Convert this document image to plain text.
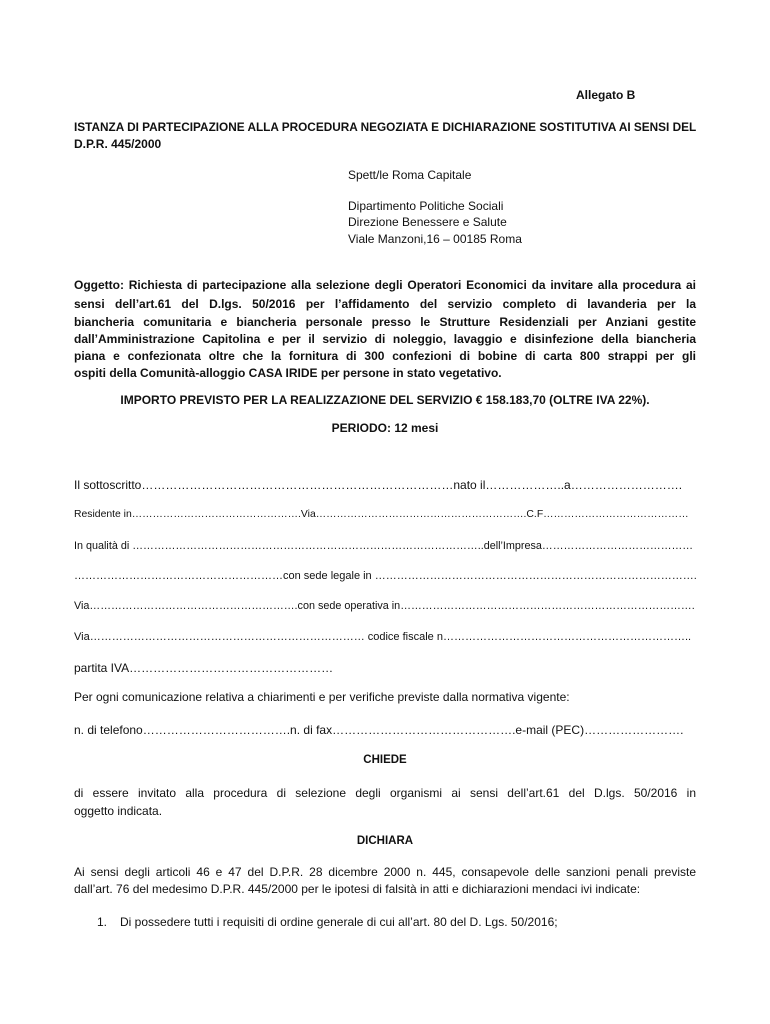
Allegato B
ISTANZA DI PARTECIPAZIONE ALLA PROCEDURA NEGOZIATA E DICHIARAZIONE SOSTITUTIVA AI SENSI DEL
D.P.R. 445/2000
Spett/le Roma Capitale
Dipartimento Politiche Sociali
Direzione Benessere e Salute
Viale Manzoni,16 – 00185 Roma
Oggetto: Richiesta di partecipazione alla selezione degli Operatori Economici da invitare alla procedura ai
sensi dell’art.61 del D.lgs. 50/2016 per l’affidamento del servizio completo di lavanderia per la
biancheria comunitaria e biancheria personale presso le Strutture Residenziali per Anziani gestite
dall’Amministrazione Capitolina e per il servizio di noleggio, lavaggio e disinfezione della biancheria
piana e confezionata oltre che la fornitura di 300 confezioni di bobine di carta 800 strappi per gli
ospiti della Comunità-alloggio CASA IRIDE per persone in stato vegetativo.
IMPORTO PREVISTO PER LA REALIZZAZIONE DEL SERVIZIO € 158.183,70 (OLTRE IVA 22%).
PERIODO: 12 mesi
Il sottoscritto……………………………………………………………………nato il………………..a……………………….
Residente in………………………………………….Via…………………………………………………….C.F……………………………………
In qualità di ……………………………………………………………………………………..dell’Impresa……………………………………
…………………………………………………con sede legale in …………………………………………………………………………….
Via………………………………………………….con sede operativa in……………………………………………………………………….
Via………………………………………………………………… codice fiscale n…………………………………………………………..
partita IVA……………………………………………
Per ogni comunicazione relativa a chiarimenti e per verifiche previste dalla normativa vigente:
n. di telefono……………………………….n. di fax……………………………………….e-mail (PEC)…………………….
CHIEDE
di essere invitato alla procedura di selezione degli organismi ai sensi dell’art.61 del D.lgs. 50/2016 in
oggetto indicata.
DICHIARA
Ai sensi degli articoli 46 e 47 del D.P.R. 28 dicembre 2000 n. 445, consapevole delle sanzioni penali previste
dall’art. 76 del medesimo D.P.R. 445/2000 per le ipotesi di falsità in atti e dichiarazioni mendaci ivi indicate:
1. Di possedere tutti i requisiti di ordine generale di cui all’art. 80 del D. Lgs. 50/2016;
